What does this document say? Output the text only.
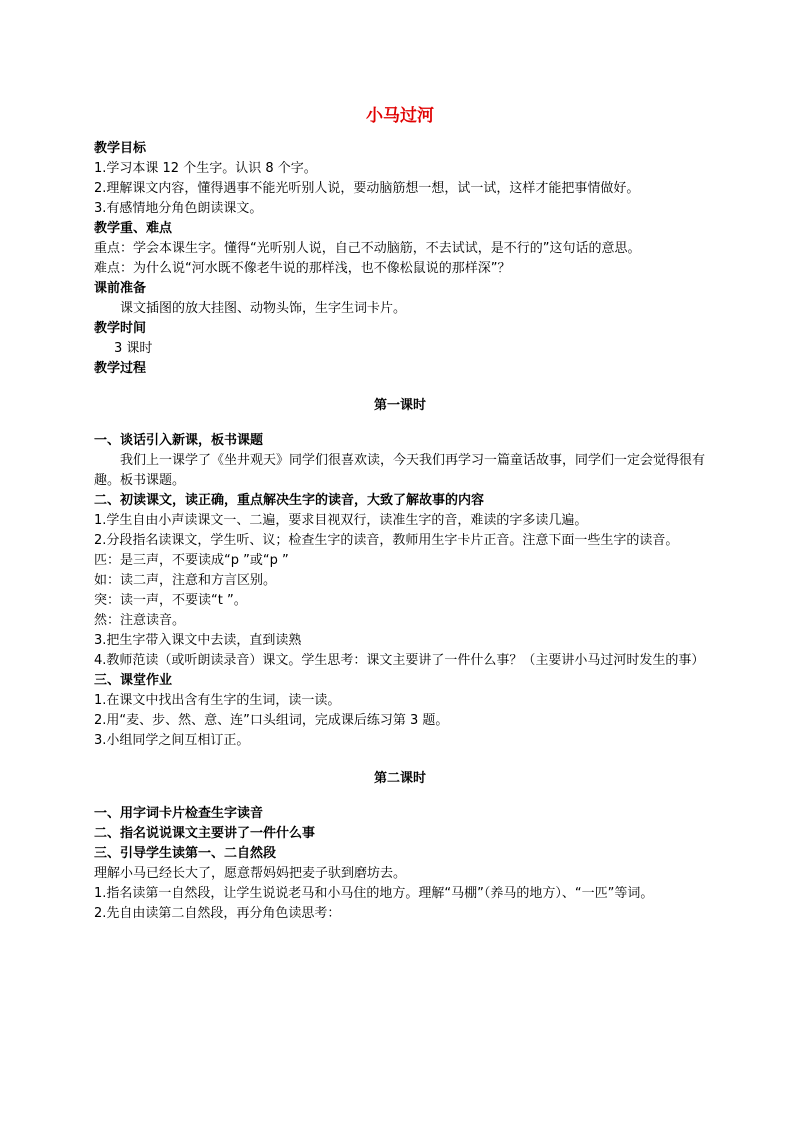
小马过河
教学目标
1.学习本课 12 个生字。认识 8 个字。
2.理解课文内容，懂得遇事不能光听别人说，要动脑筋想一想，试一试，这样才能把事情做好。
3.有感情地分角色朗读课文。
教学重、难点
重点：学会本课生字。懂得“光听别人说，自己不动脑筋，不去试试，是不行的”这句话的意思。
难点：为什么说“河水既不像老牛说的那样浅，也不像松鼠说的那样深”？
课前准备
课文插图的放大挂图、动物头饰，生字生词卡片。
教学时间
3 课时
教学过程
第一课时
一、谈话引入新课，板书课题
我们上一课学了《坐井观天》同学们很喜欢读，今天我们再学习一篇童话故事，同学们一定会觉得很有趣。板书课题。
二、初读课文，读正确，重点解决生字的读音，大致了解故事的内容
1.学生自由小声读课文一、二遍，要求目视双行，读准生字的音，难读的字多读几遍。
2.分段指名读课文，学生听、议；检查生字的读音，教师用生字卡片正音。注意下面一些生字的读音。
匹：是三声，不要读成“p ”或“p ”
如：读二声，注意和方言区别。
突：读一声，不要读“t ”。
然：注意读音。
3.把生字带入课文中去读，直到读熟
4.教师范读（或听朗读录音）课文。学生思考：课文主要讲了一件什么事？（主要讲小马过河时发生的事）
三、课堂作业
1.在课文中找出含有生字的生词，读一读。
2.用“麦、步、然、意、连”口头组词，完成课后练习第 3 题。
3.小组同学之间互相订正。
第二课时
一、用字词卡片检查生字读音
二、指名说说课文主要讲了一件什么事
三、引导学生读第一、二自然段
理解小马已经长大了，愿意帮妈妈把麦子驮到磨坊去。
1.指名读第一自然段，让学生说说老马和小马住的地方。理解“马棚”（养马的地方）、“一匹”等词。
2.先自由读第二自然段，再分角色读思考：
